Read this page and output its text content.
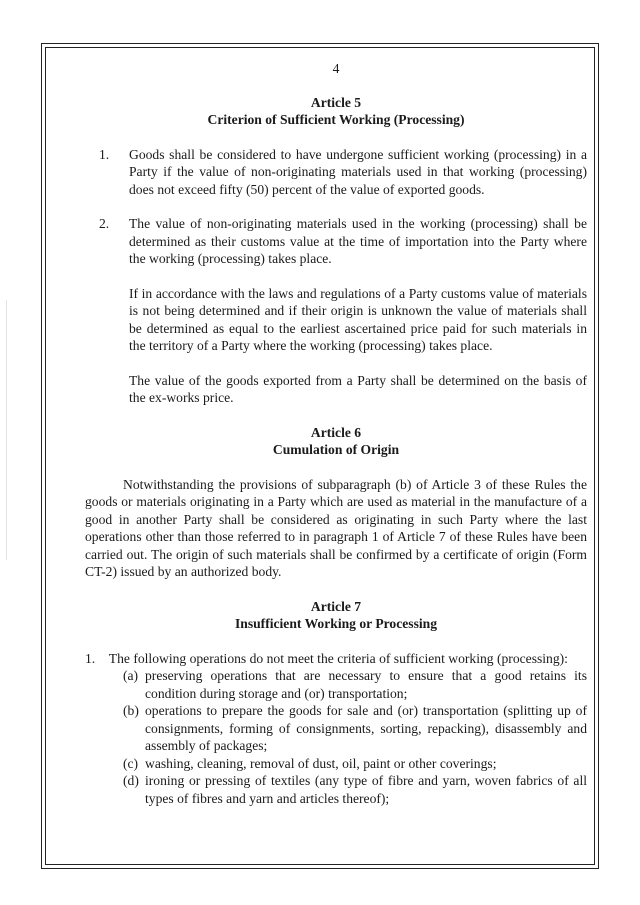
4

Article 5

Criterion of Sufficient Working (Processing)

1. Goods shall be considered to have undergone sufficient working (processing) in a Party if the value of non-originating materials used in that working (processing) does not exceed fifty (50) percent of the value of exported goods.
2. The value of non-originating materials used in the working (processing) shall be determined as their customs value at the time of importation into the Party where the working (processing) takes place.

If in accordance with the laws and regulations of a Party customs value of materials is not being determined and if their origin is unknown the value of materials shall be determined as equal to the earliest ascertained price paid for such materials in the territory of a Party where the working (processing) takes place.

The value of the goods exported from a Party shall be determined on the basis of the ex-works price.

Article 6

Cumulation of Origin

Notwithstanding the provisions of subparagraph (b) of Article 3 of these Rules the goods or materials originating in a Party which are used as material in the manufacture of a good in another Party shall be considered as originating in such Party where the last operations other than those referred to in paragraph 1 of Article 7 of these Rules have been carried out. The origin of such materials shall be confirmed by a certificate of origin (Form CT-2) issued by an authorized body.

Article 7

Insufficient Working or Processing

1. The following operations do not meet the criteria of sufficient working (processing):

(a) preserving operations that are necessary to ensure that a good retains its condition during storage and (or) transportation;
(b) operations to prepare the goods for sale and (or) transportation (splitting up of consignments, forming of consignments, sorting, repacking), disassembly and assembly of packages;
(c) washing, cleaning, removal of dust, oil, paint or other coverings;
(d) ironing or pressing of textiles (any type of fibre and yarn, woven fabrics of all types of fibres and yarn and articles thereof);
